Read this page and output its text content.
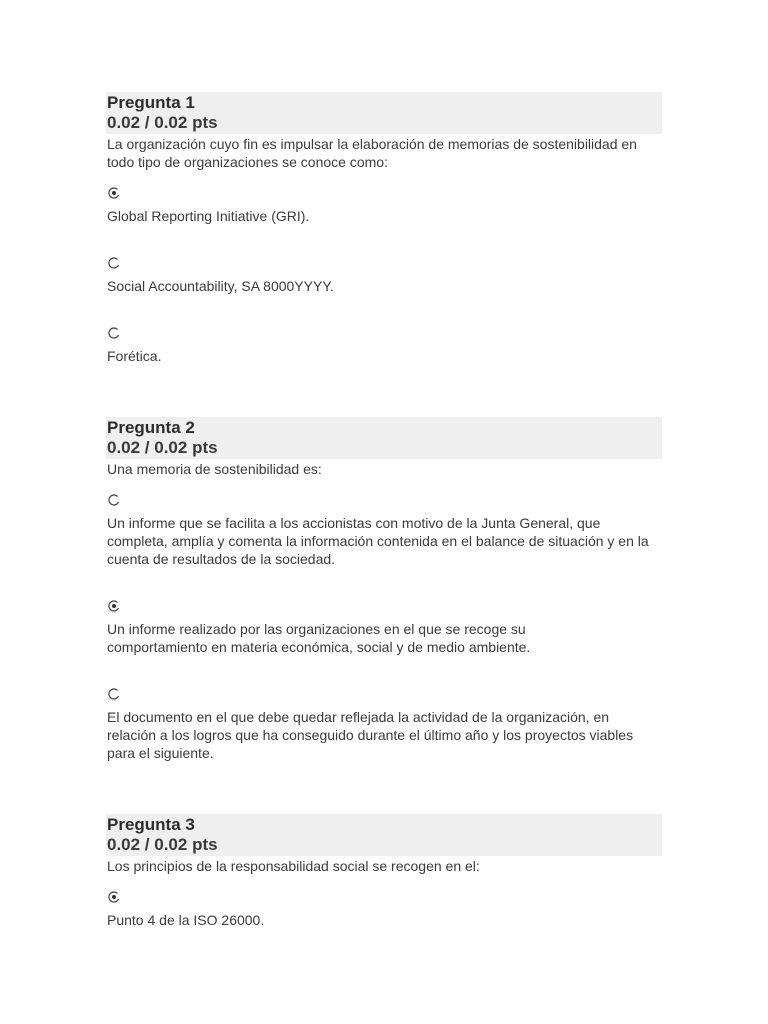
Pregunta 1
0.02 / 0.02 pts
La organización cuyo fin es impulsar la elaboración de memorias de sostenibilidad en todo tipo de organizaciones se conoce como:
Global Reporting Initiative (GRI).
Social Accountability, SA 8000YYYY.
Forética.
Pregunta 2
0.02 / 0.02 pts
Una memoria de sostenibilidad es:
Un informe que se facilita a los accionistas con motivo de la Junta General, que completa, amplía y comenta la información contenida en el balance de situación y en la cuenta de resultados de la sociedad.
Un informe realizado por las organizaciones en el que se recoge su comportamiento en materia económica, social y de medio ambiente.
El documento en el que debe quedar reflejada la actividad de la organización, en relación a los logros que ha conseguido durante el último año y los proyectos viables para el siguiente.
Pregunta 3
0.02 / 0.02 pts
Los principios de la responsabilidad social se recogen en el:
Punto 4 de la ISO 26000.
